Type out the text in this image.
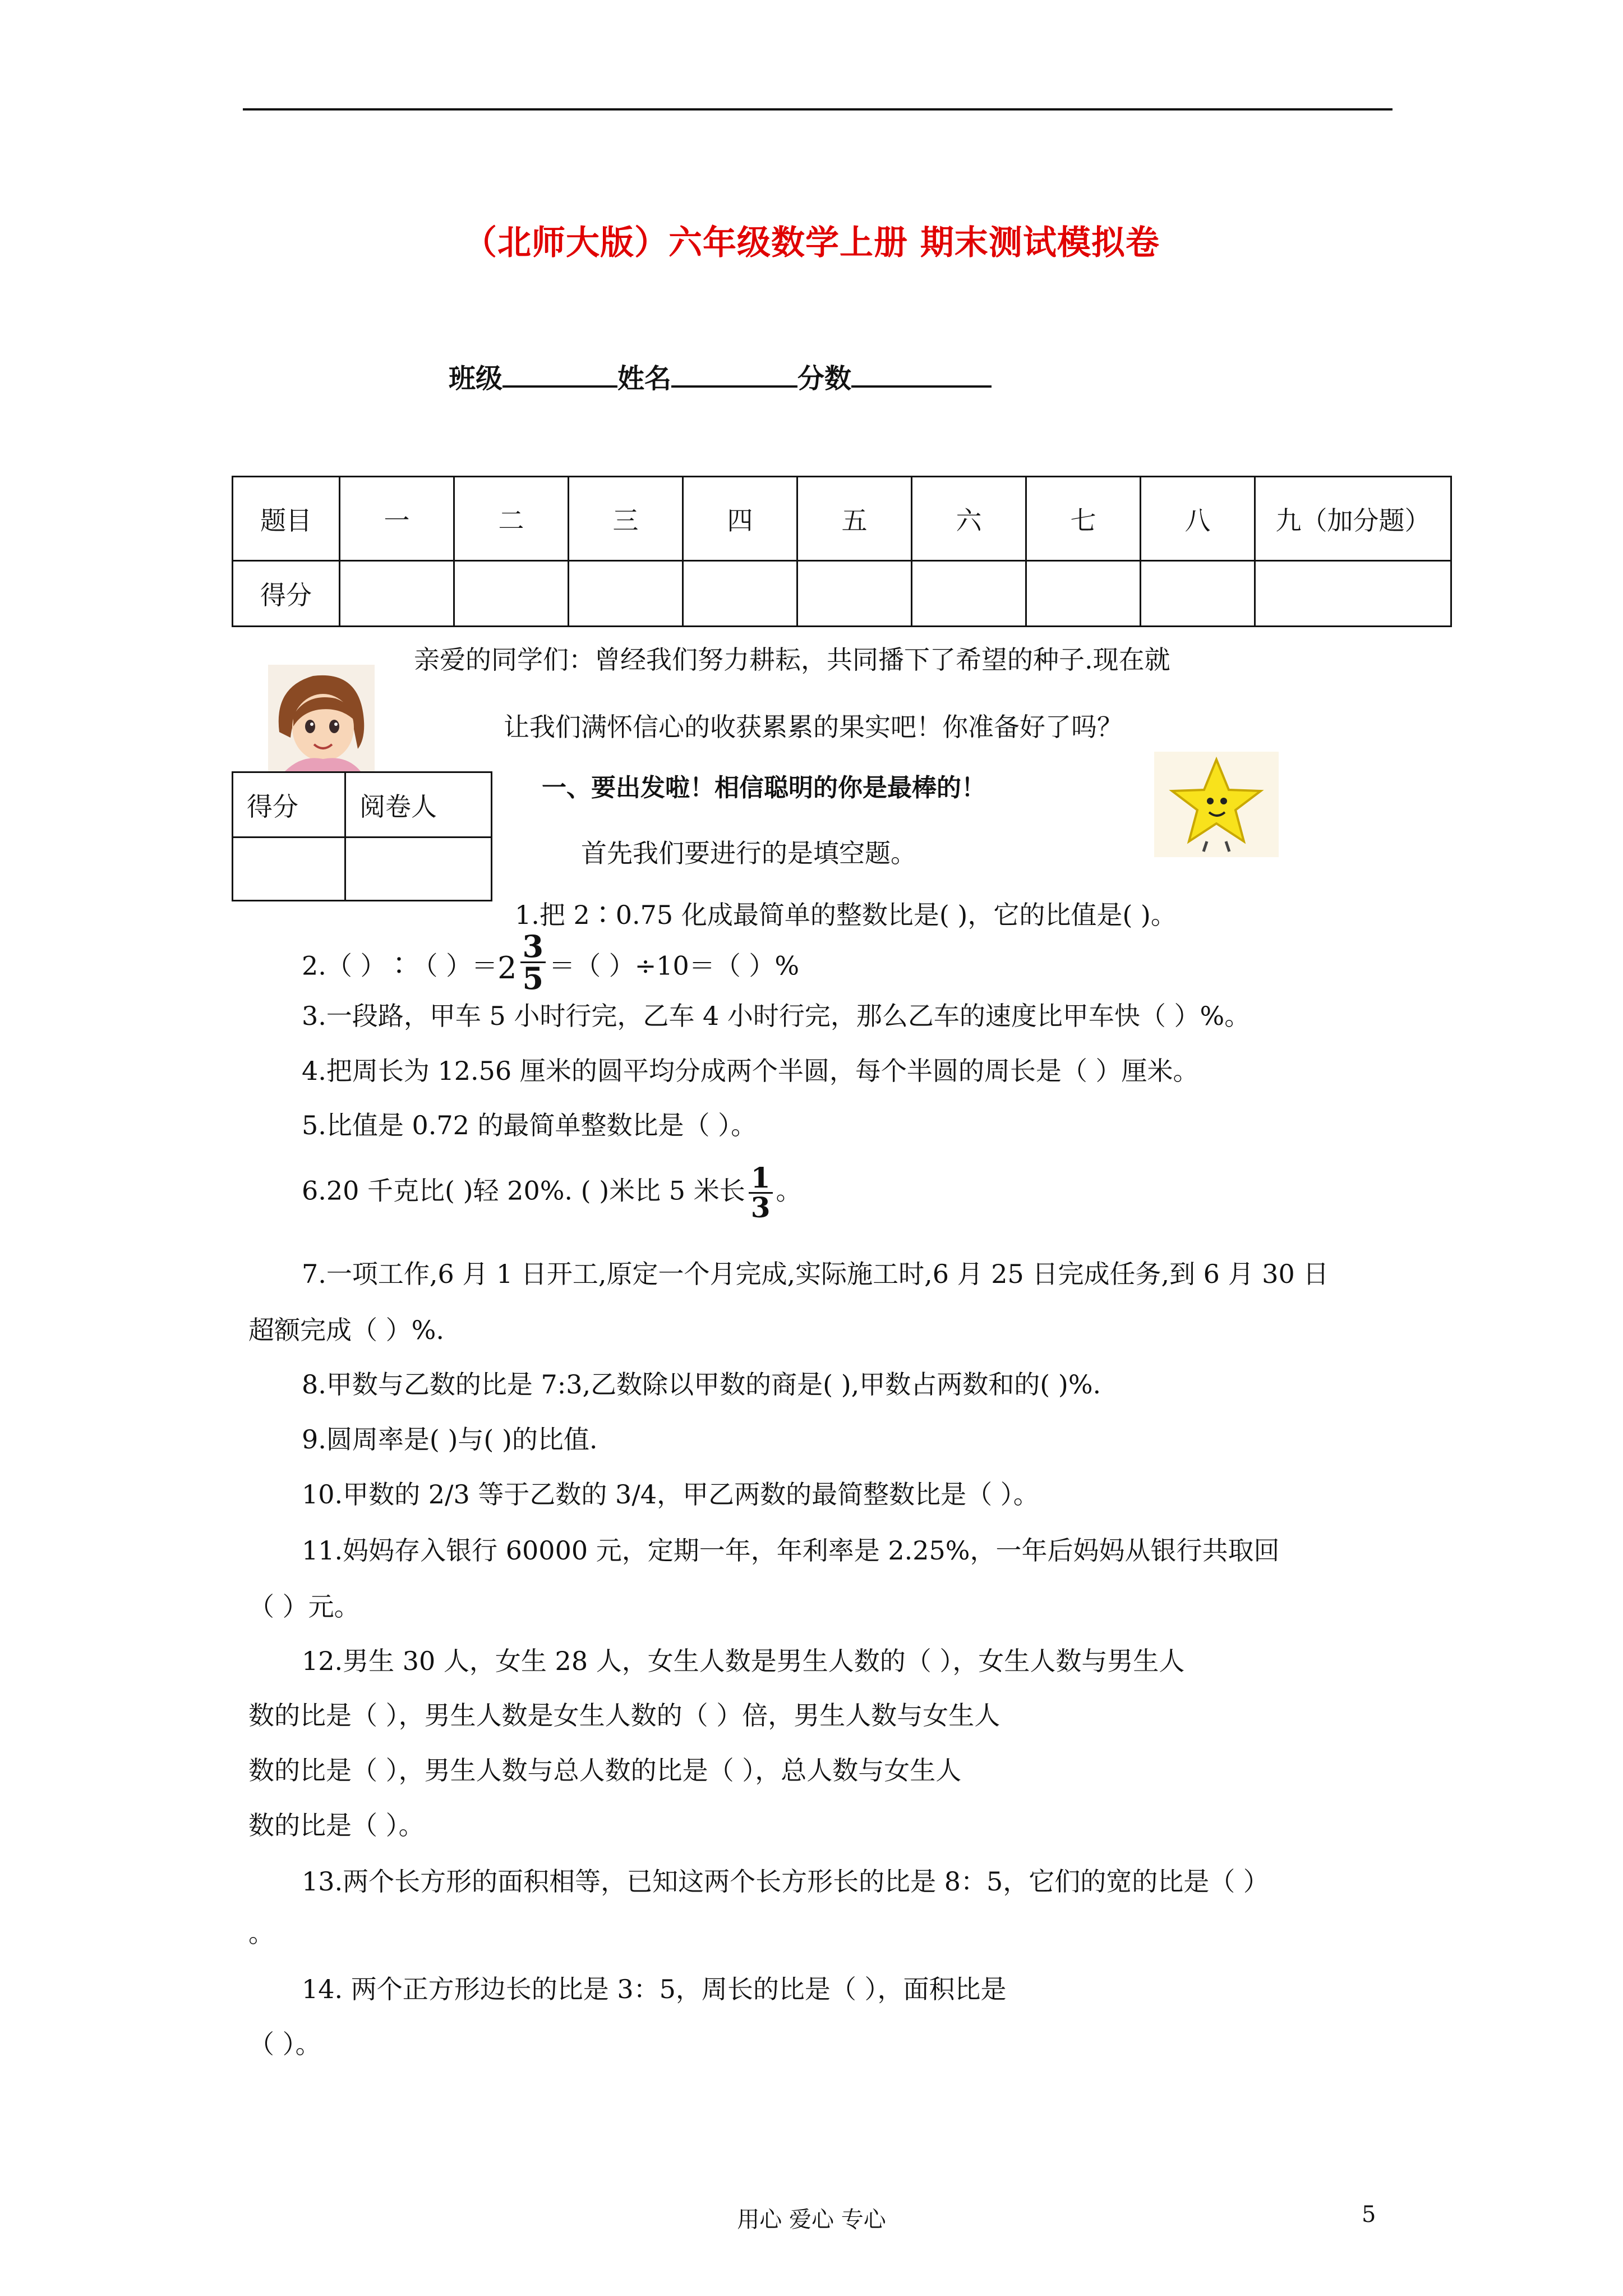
（北师大版）六年级数学上册 期末测试模拟卷
班级	姓名	分数
题目	一	二	三	四	五	六	七	八	九（加分题）
得分									
得分	阅卷人

亲爱的同学们：曾经我们努力耕耘，共同播下了希望的种子.现在就
让我们满怀信心的收获累累的果实吧！你准备好了吗？
一、要出发啦！相信聪明的你是最棒的！
首先我们要进行的是填空题。
1.把 2∶0.75 化成最简单的整数比是( )，它的比值是( )。
2.（ ）∶（ ）$=2 \frac{3}{5}$ ＝（ ）÷10＝（ ）%
3.一段路，甲车 5 小时行完，乙车 4 小时行完，那么乙车的速度比甲车快（ ）%。
4.把周长为 12.56 厘米的圆平均分成两个半圆，每个半圆的周长是（ ）厘米。
5.比值是 0.72 的最简单整数比是（ ）。
6.20 千克比( )轻 20%. ( )米比 5 米长 $\frac{1}{3}$ 。
7.一项工作,6 月 1 日开工,原定一个月完成,实际施工时,6 月 25 日完成任务,到 6 月 30 日
超额完成（ ）%.
8.甲数与乙数的比是 7:3,乙数除以甲数的商是( ),甲数占两数和的( )%.
9.圆周率是( )与( )的比值.
10.甲数的 2/3 等于乙数的 3/4，甲乙两数的最简整数比是（ ）。
11.妈妈存入银行 60000 元，定期一年，年利率是 2.25%，一年后妈妈从银行共取回
（ ）元。
12.男生 30 人，女生 28 人，女生人数是男生人数的（ ），女生人数与男生人
数的比是（ ），男生人数是女生人数的（ ）倍，男生人数与女生人
数的比是（ ），男生人数与总人数的比是（ ），总人数与女生人
数的比是（ ）。
13.两个长方形的面积相等，已知这两个长方形长的比是 8：5，它们的宽的比是（ ）
。
14. 两个正方形边长的比是 3：5，周长的比是（ ），面积比是
（ ）。
用心 爱心 专心	5
